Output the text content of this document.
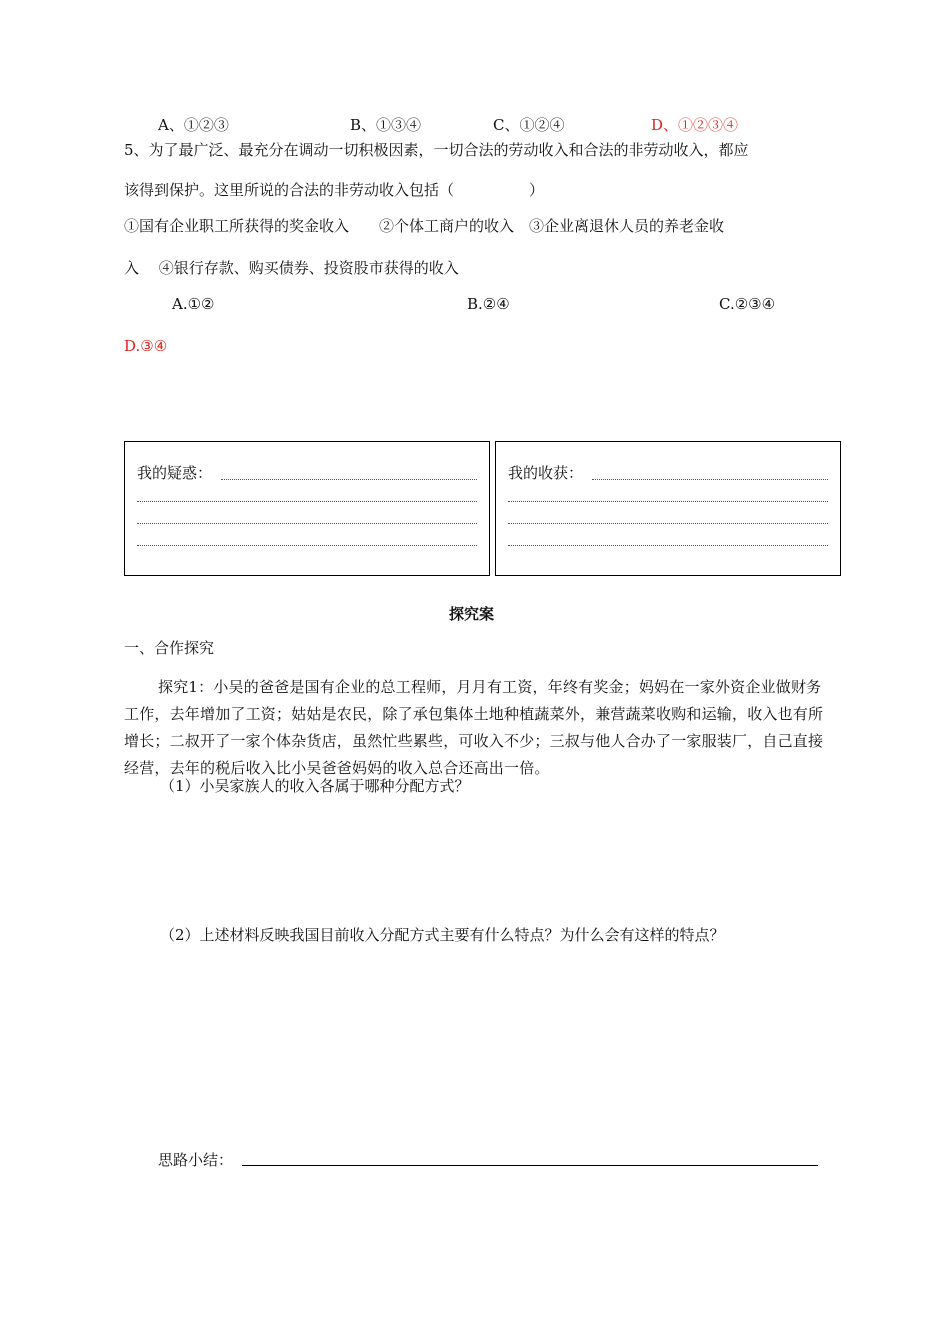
A、①②③	B、①③④	C、①②④	D、①②③④
5、为了最广泛、最充分在调动一切积极因素，一切合法的劳动收入和合法的非劳动收入，都应
该得到保护。这里所说的合法的非劳动收入包括（　　　　　）
①国有企业职工所获得的奖金收入　　②个体工商户的收入　③企业离退休人员的养老金收
入　 ④银行存款、购买债券、投资股市获得的收入
A.①②	B.②④	C.②③④
D.③④
我的疑惑：	我的收获：
探究案
一、合作探究
探究1：小吴的爸爸是国有企业的总工程师，月月有工资，年终有奖金；妈妈在一家外资企业做财务工作，去年增加了工资；姑姑是农民，除了承包集体土地种植蔬菜外，兼营蔬菜收购和运输，收入也有所增长；二叔开了一家个体杂货店，虽然忙些累些，可收入不少；三叔与他人合办了一家服装厂，自己直接经营，去年的税后收入比小吴爸爸妈妈的收入总合还高出一倍。
（1）小吴家族人的收入各属于哪种分配方式？
（2）上述材料反映我国目前收入分配方式主要有什么特点？为什么会有这样的特点？
思路小结：
